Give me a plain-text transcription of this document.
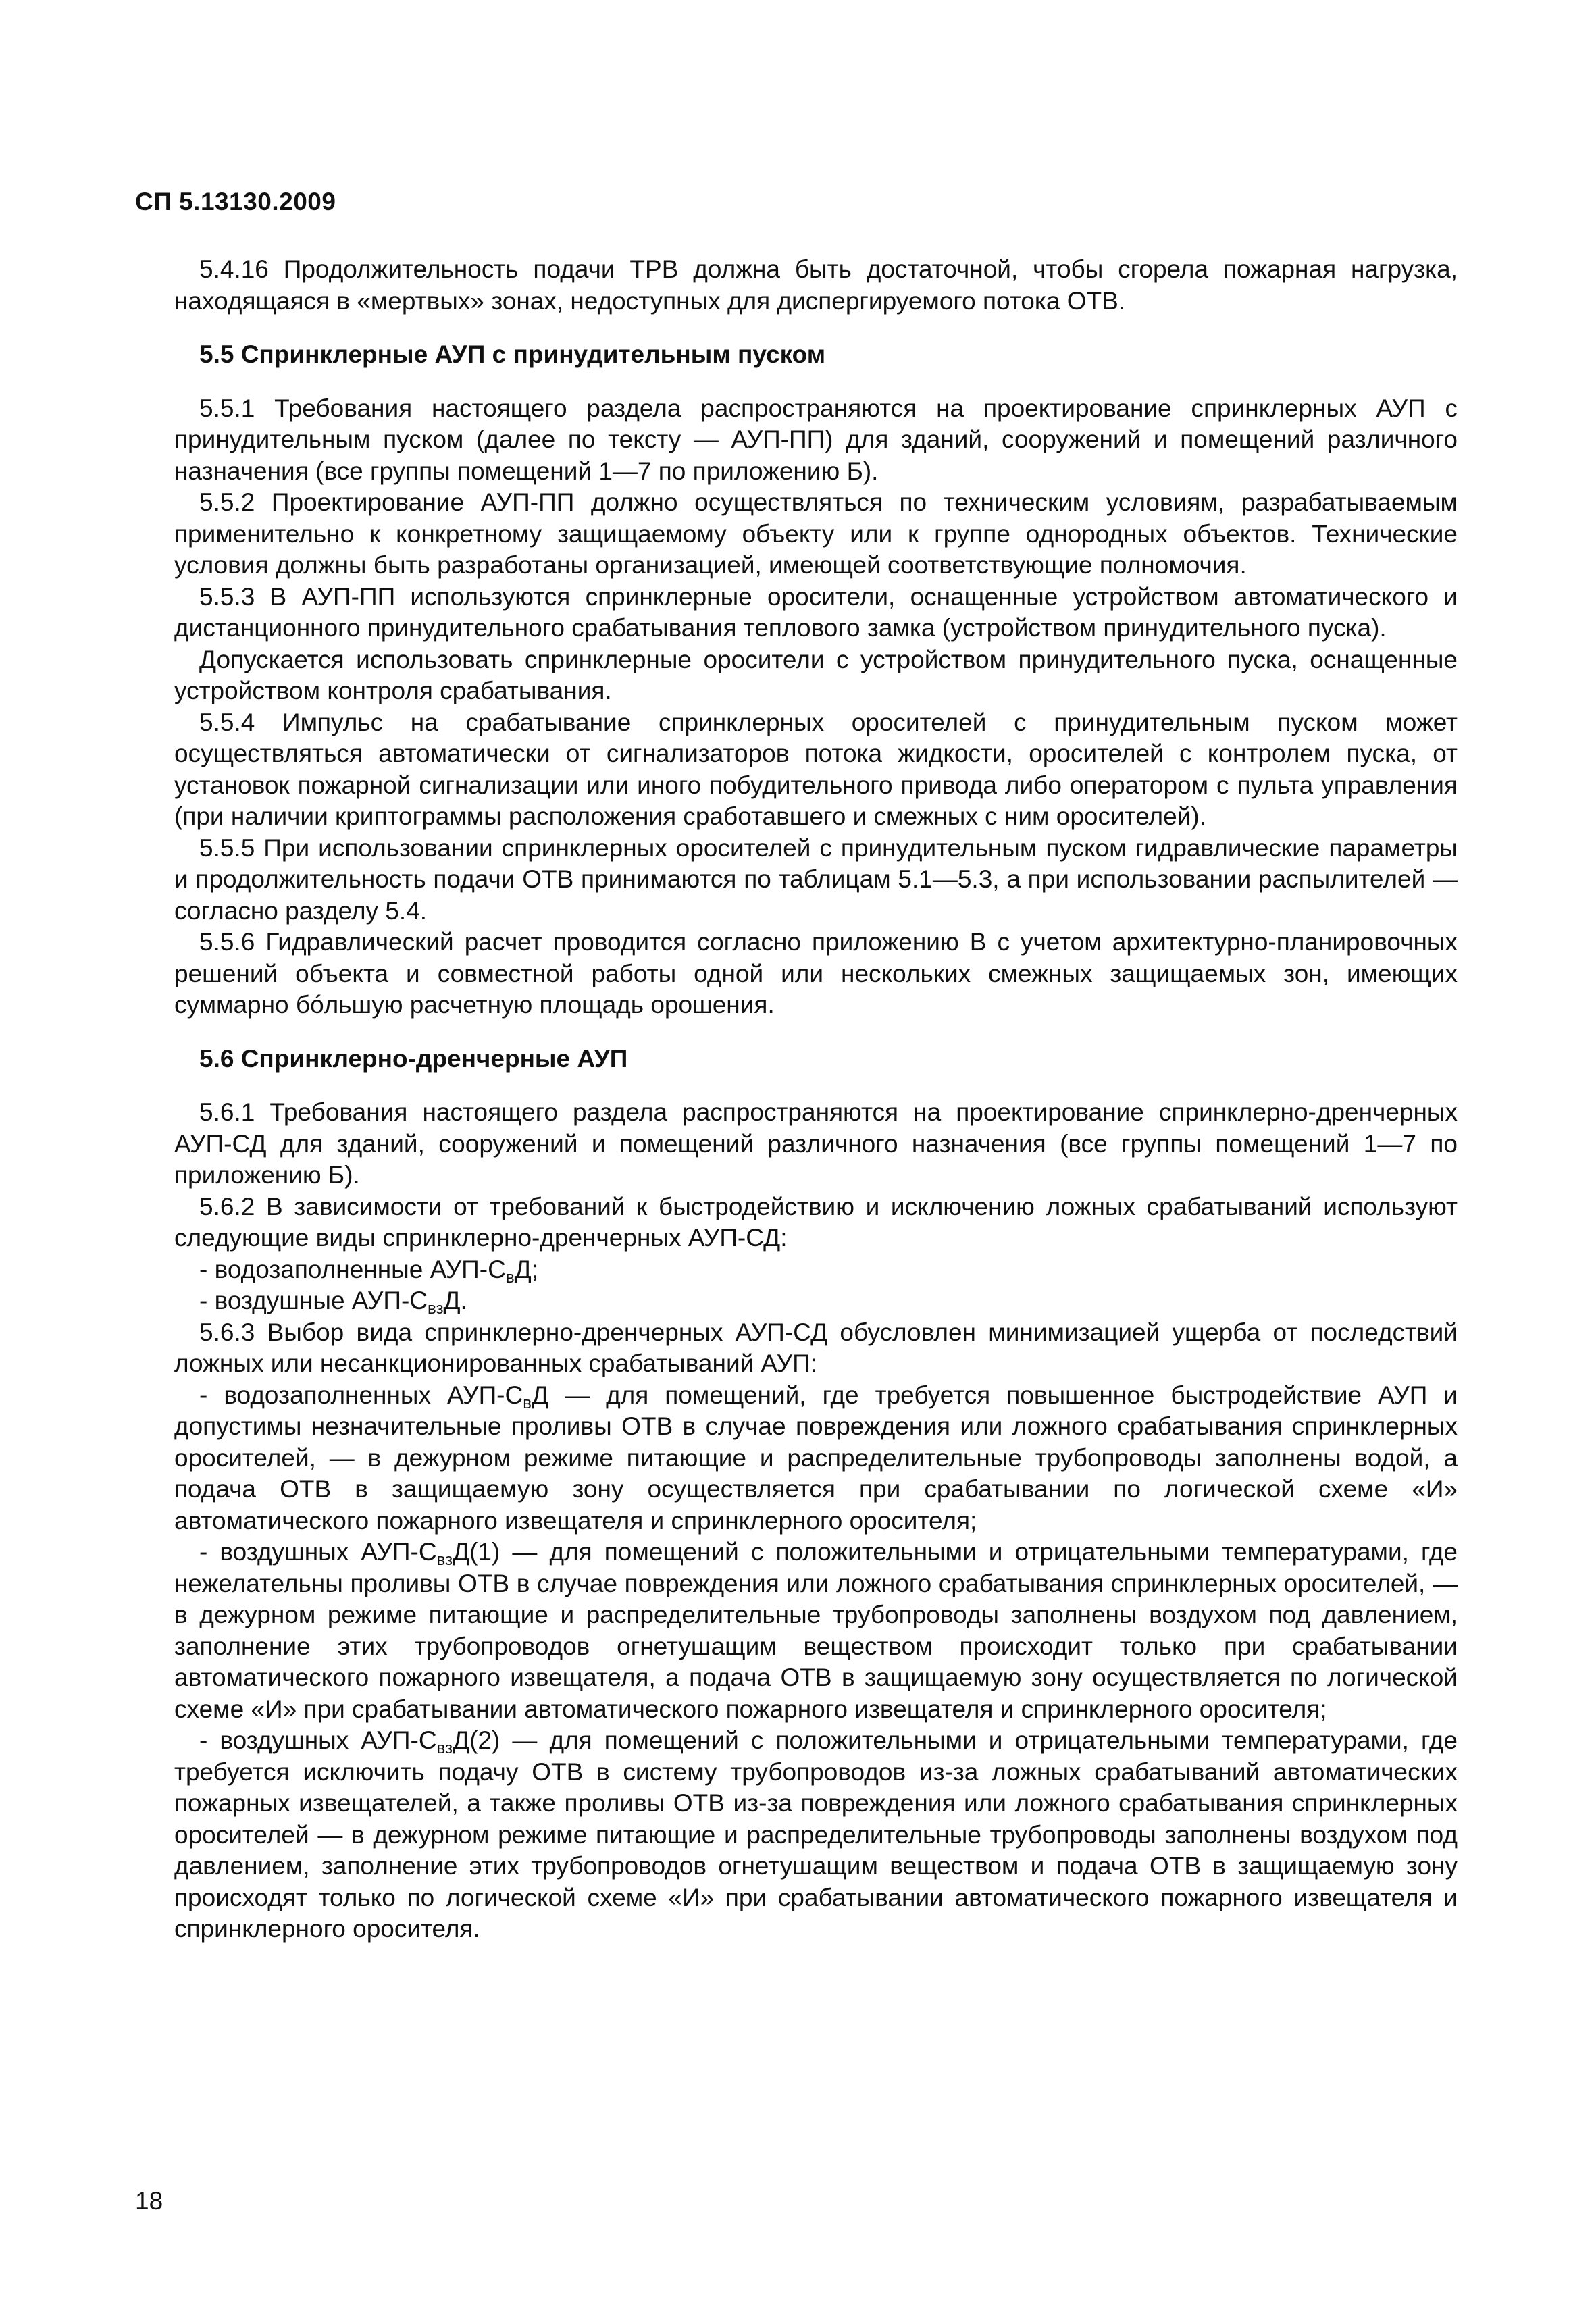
СП 5.13130.2009

5.4.16 Продолжительность подачи ТРВ должна быть достаточной, чтобы сгорела пожарная нагрузка, находящаяся в «мертвых» зонах, недоступных для диспергируемого потока ОТВ.

5.5 Спринклерные АУП с принудительным пуском

5.5.1 Требования настоящего раздела распространяются на проектирование спринклерных АУП с принудительным пуском (далее по тексту — АУП-ПП) для зданий, сооружений и помещений различного назначения (все группы помещений 1—7 по приложению Б).

5.5.2 Проектирование АУП-ПП должно осуществляться по техническим условиям, разрабатываемым применительно к конкретному защищаемому объекту или к группе однородных объектов. Технические условия должны быть разработаны организацией, имеющей соответствующие полномочия.

5.5.3 В АУП-ПП используются спринклерные оросители, оснащенные устройством автоматического и дистанционного принудительного срабатывания теплового замка (устройством принудительного пуска).

Допускается использовать спринклерные оросители с устройством принудительного пуска, оснащенные устройством контроля срабатывания.

5.5.4 Импульс на срабатывание спринклерных оросителей с принудительным пуском может осуществляться автоматически от сигнализаторов потока жидкости, оросителей с контролем пуска, от установок пожарной сигнализации или иного побудительного привода либо оператором с пульта управления (при наличии криптограммы расположения сработавшего и смежных с ним оросителей).

5.5.5 При использовании спринклерных оросителей с принудительным пуском гидравлические параметры и продолжительность подачи ОТВ принимаются по таблицам 5.1—5.3, а при использовании распылителей — согласно разделу 5.4.

5.5.6 Гидравлический расчет проводится согласно приложению В с учетом архитектурно-планировочных решений объекта и совместной работы одной или нескольких смежных защищаемых зон, имеющих суммарно бóльшую расчетную площадь орошения.

5.6 Спринклерно-дренчерные АУП

5.6.1 Требования настоящего раздела распространяются на проектирование спринклерно-дренчерных АУП-СД для зданий, сооружений и помещений различного назначения (все группы помещений 1—7 по приложению Б).

5.6.2 В зависимости от требований к быстродействию и исключению ложных срабатываний используют следующие виды спринклерно-дренчерных АУП-СД:

- водозаполненные АУП-$С_вД$;

- воздушные АУП-$С_{вз}Д$.

5.6.3 Выбор вида спринклерно-дренчерных АУП-СД обусловлен минимизацией ущерба от последствий ложных или несанкционированных срабатываний АУП:

- водозаполненных АУП-$С_вД$ — для помещений, где требуется повышенное быстродействие АУП и допустимы незначительные проливы ОТВ в случае повреждения или ложного срабатывания спринклерных оросителей, — в дежурном режиме питающие и распределительные трубопроводы заполнены водой, а подача ОТВ в защищаемую зону осуществляется при срабатывании по логической схеме «И» автоматического пожарного извещателя и спринклерного оросителя;

- воздушных АУП-$С_{вз}Д(1)$ — для помещений с положительными и отрицательными температурами, где нежелательны проливы ОТВ в случае повреждения или ложного срабатывания спринклерных оросителей, — в дежурном режиме питающие и распределительные трубопроводы заполнены воздухом под давлением, заполнение этих трубопроводов огнетушащим веществом происходит только при срабатывании автоматического пожарного извещателя, а подача ОТВ в защищаемую зону осуществляется по логической схеме «И» при срабатывании автоматического пожарного извещателя и спринклерного оросителя;

- воздушных АУП-$С_{вз}Д(2)$ — для помещений с положительными и отрицательными температурами, где требуется исключить подачу ОТВ в систему трубопроводов из-за ложных срабатываний автоматических пожарных извещателей, а также проливы ОТВ из-за повреждения или ложного срабатывания спринклерных оросителей — в дежурном режиме питающие и распределительные трубопроводы заполнены воздухом под давлением, заполнение этих трубопроводов огнетушащим веществом и подача ОТВ в защищаемую зону происходят только по логической схеме «И» при срабатывании автоматического пожарного извещателя и спринклерного оросителя.

18
